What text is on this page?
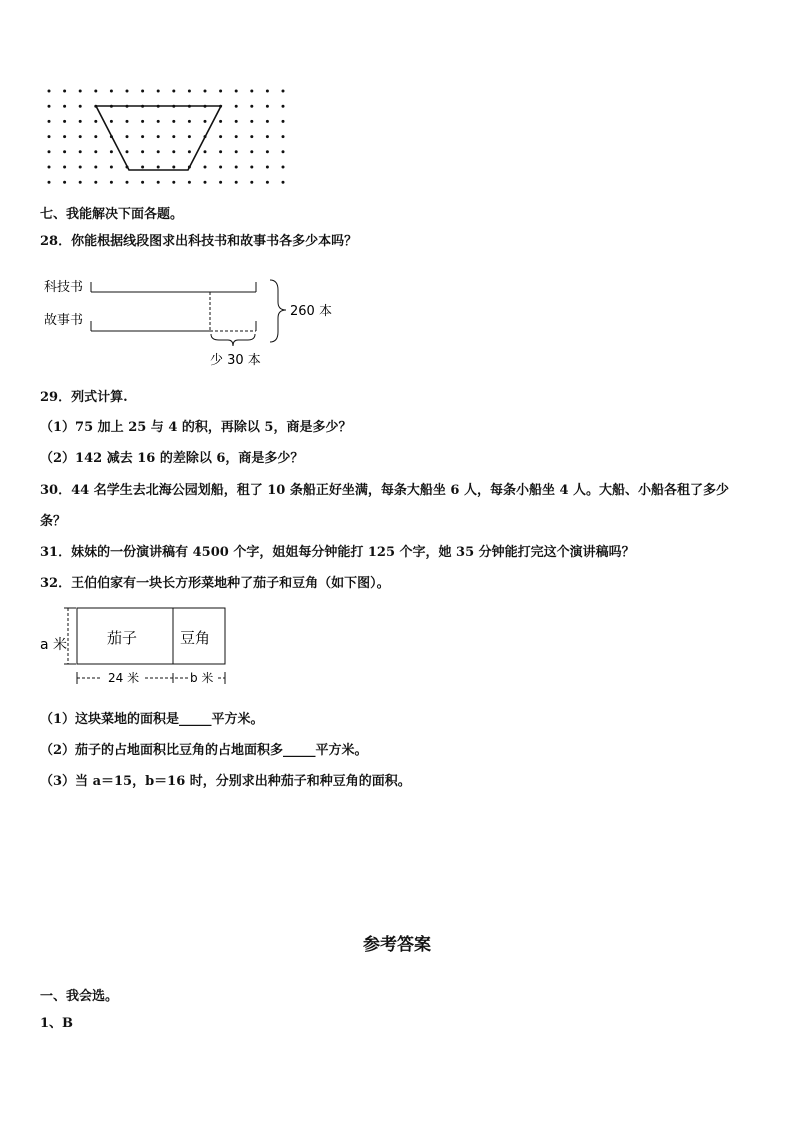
七、我能解决下面各题。
28．你能根据线段图求出科技书和故事书各多少本吗？
科技书
故事书
260 本
少 30 本
29．列式计算.
（1）75 加上 25 与 4 的积，再除以 5，商是多少？
（2）142 减去 16 的差除以 6，商是多少？
30．44 名学生去北海公园划船，租了 10 条船正好坐满，每条大船坐 6 人，每条小船坐 4 人。大船、小船各租了多少
条？
31．妹妹的一份演讲稿有 4500 个字，姐姐每分钟能打 125 个字，她 35 分钟能打完这个演讲稿吗？
32．王伯伯家有一块长方形菜地种了茄子和豆角（如下图）。
a 米	茄子	豆角
24 米	b 米
（1）这块菜地的面积是_____平方米。
（2）茄子的占地面积比豆角的占地面积多_____平方米。
（3）当 a＝15，b＝16 时，分别求出种茄子和种豆角的面积。
参考答案
一、我会选。
1、B
